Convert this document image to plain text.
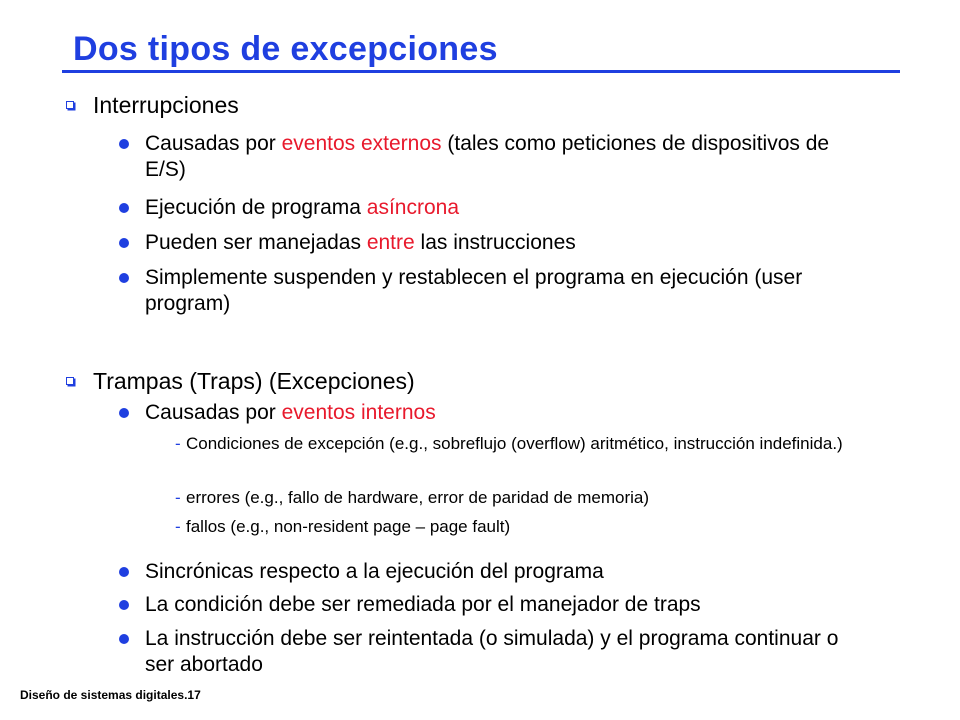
Dos tipos de excepciones

Interrupciones

Causadas por eventos externos (tales como peticiones de dispositivos de E/S)

Ejecución de programa asíncrona

Pueden ser manejadas entre las instrucciones

Simplemente suspenden y restablecen el programa en ejecución (user program)

Trampas (Traps) (Excepciones)

Causadas por eventos internos

- Condiciones de excepción (e.g., sobreflujo (overflow) aritmético, instrucción indefinida.)

- errores (e.g., fallo de hardware, error de paridad de memoria)

- fallos (e.g., non-resident page – page fault)

Sincrónicas respecto a la ejecución del programa

La condición debe ser remediada por el manejador de traps

La instrucción debe ser reintentada (o simulada) y el programa continuar o ser abortado

Diseño de sistemas digitales.17
